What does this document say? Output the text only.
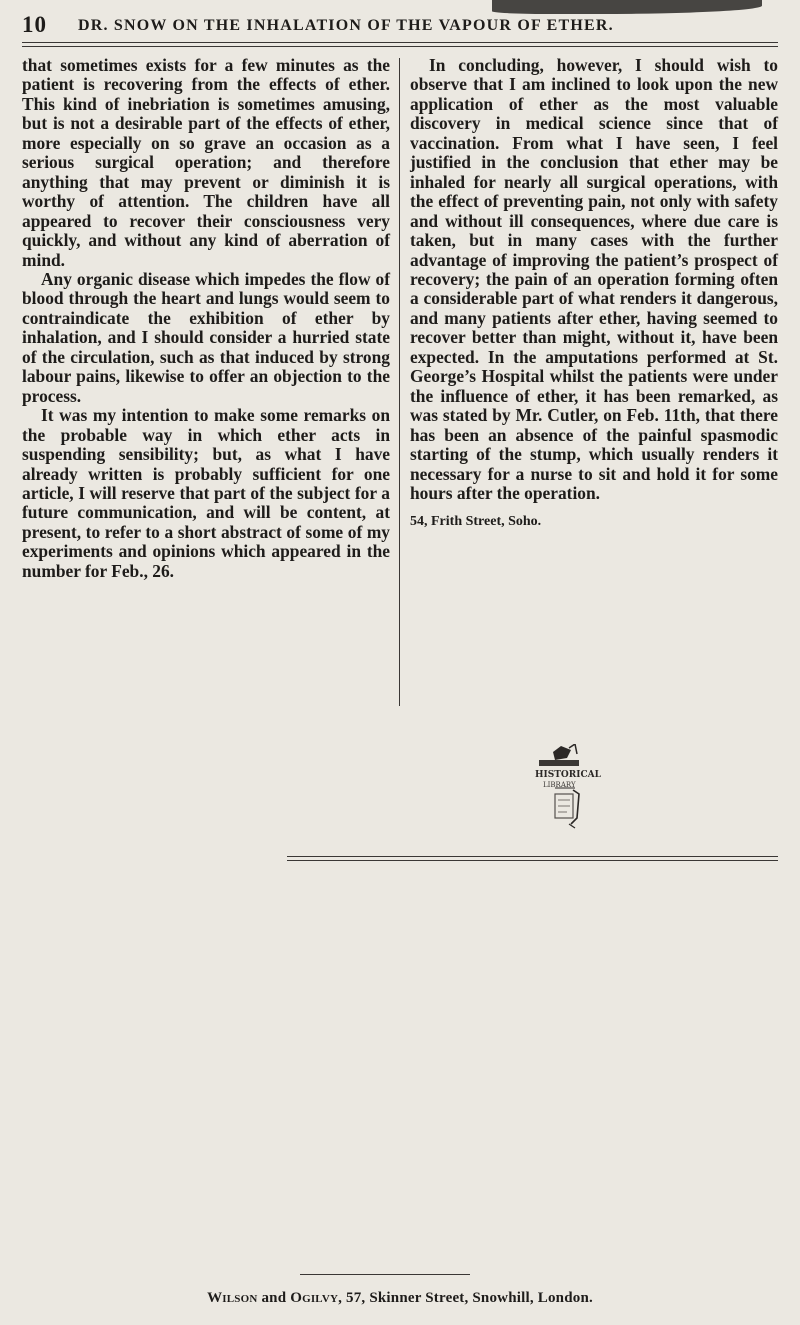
10 DR. SNOW ON THE INHALATION OF THE VAPOUR OF ETHER.

that sometimes exists for a few minutes as the patient is recovering from the effects of ether. This kind of inebriation is sometimes amusing, but is not a desirable part of the effects of ether, more especially on so grave an occasion as a serious surgical operation; and therefore anything that may prevent or diminish it is worthy of attention. The children have all appeared to recover their consciousness very quickly, and without any kind of aberration of mind.

Any organic disease which impedes the flow of blood through the heart and lungs would seem to contraindicate the exhibition of ether by inhalation, and I should consider a hurried state of the circulation, such as that induced by strong labour pains, likewise to offer an objection to the process.

It was my intention to make some remarks on the probable way in which ether acts in suspending sensibility; but, as what I have already written is probably sufficient for one article, I will reserve that part of the subject for a future communication, and will be content, at present, to refer to a short abstract of some of my experiments and opinions which appeared in the number for Feb., 26.

In concluding, however, I should wish to observe that I am inclined to look upon the new application of ether as the most valuable discovery in medical science since that of vaccination. From what I have seen, I feel justified in the conclusion that ether may be inhaled for nearly all surgical operations, with the effect of preventing pain, not only with safety and without ill consequences, where due care is taken, but in many cases with the further advantage of improving the patient’s prospect of recovery; the pain of an operation forming often a considerable part of what renders it dangerous, and many patients after ether, having seemed to recover better than might, without it, have been expected. In the amputations performed at St. George’s Hospital whilst the patients were under the influence of ether, it has been remarked, as was stated by Mr. Cutler, on Feb. 11th, that there has been an absence of the painful spasmodic starting of the stump, which usually renders it necessary for a nurse to sit and hold it for some hours after the operation.

54, Frith Street, Soho.

HISTORICAL
LIBRARY
Wilson and Ogilvy, 57, Skinner Street, Snowhill, London.
